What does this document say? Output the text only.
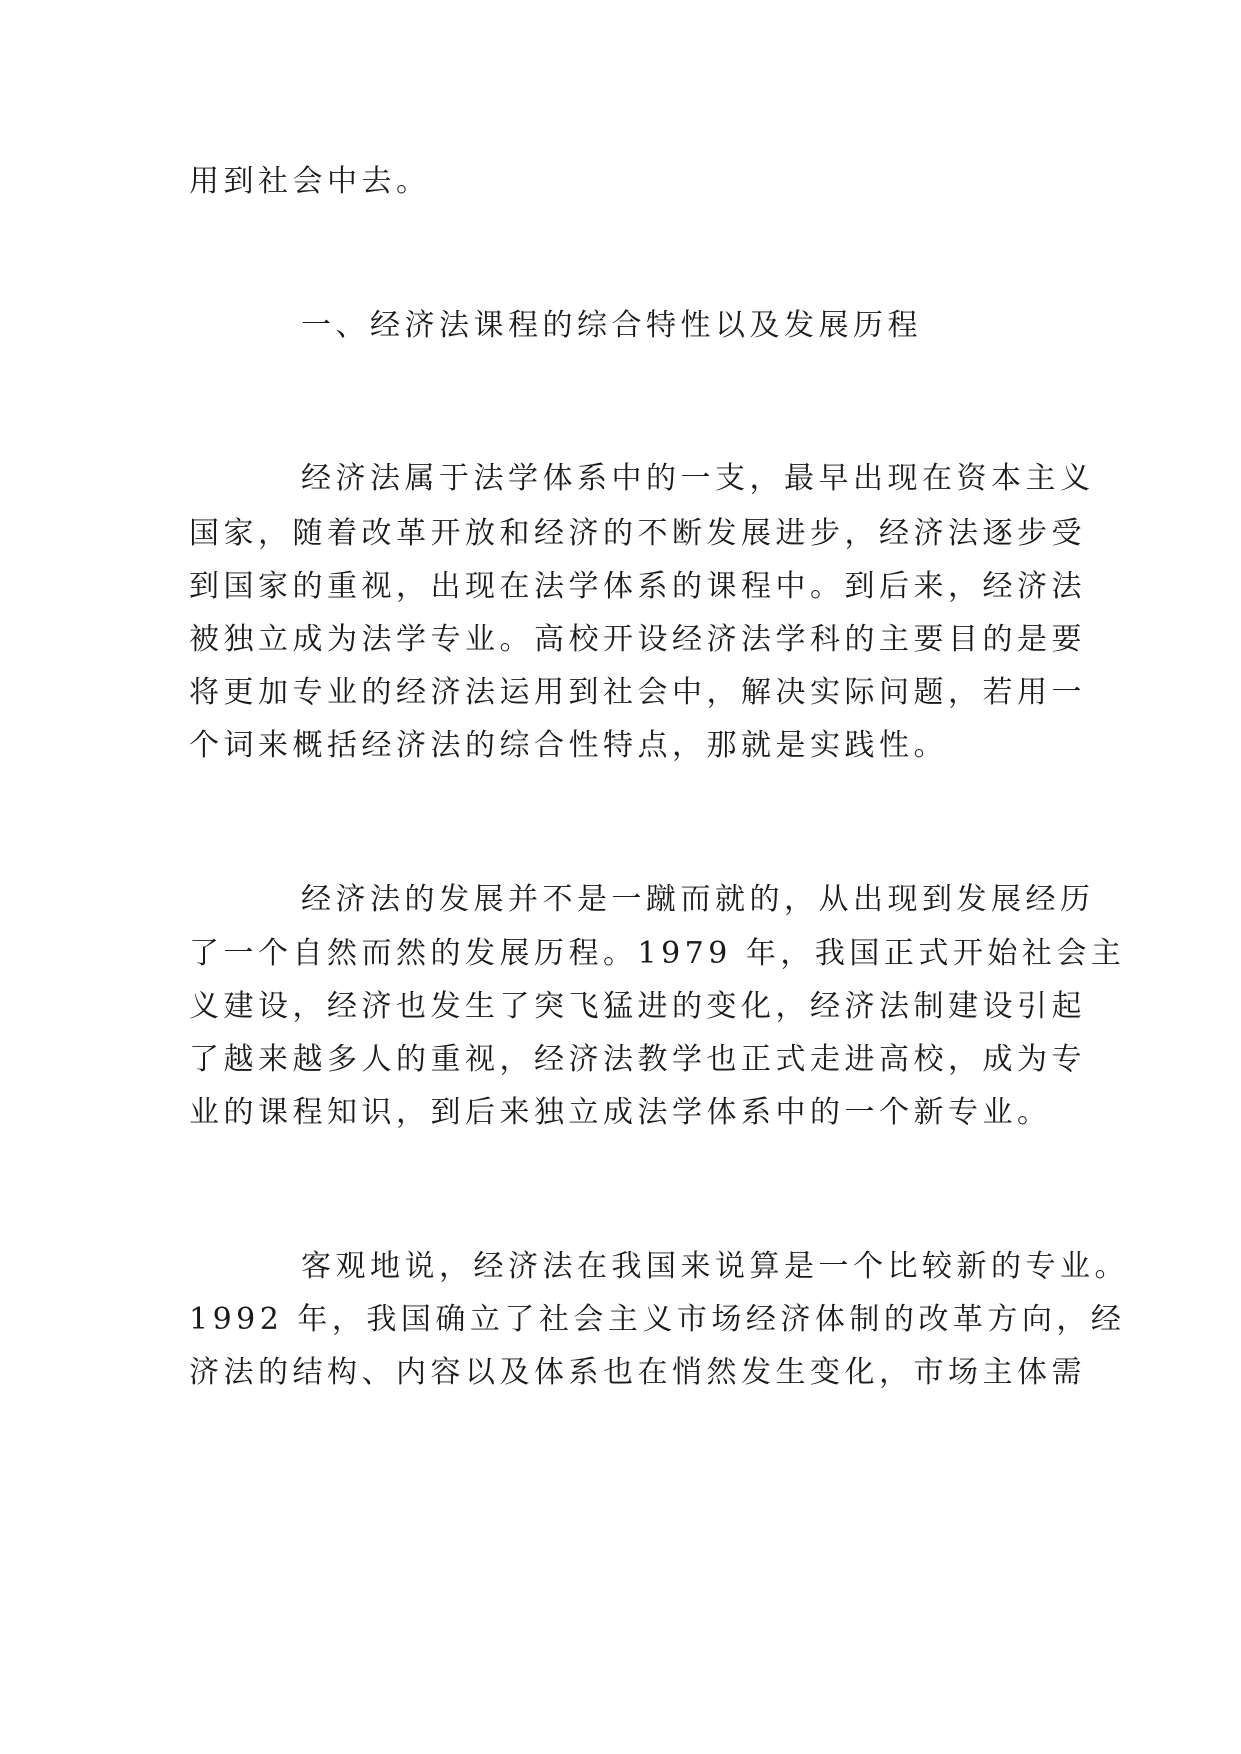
用到社会中去。
一、经济法课程的综合特性以及发展历程
经济法属于法学体系中的一支，最早出现在资本主义
国家，随着改革开放和经济的不断发展进步，经济法逐步受
到国家的重视，出现在法学体系的课程中。到后来，经济法
被独立成为法学专业。高校开设经济法学科的主要目的是要
将更加专业的经济法运用到社会中，解决实际问题，若用一
个词来概括经济法的综合性特点，那就是实践性。
经济法的发展并不是一蹴而就的，从出现到发展经历
了一个自然而然的发展历程。1979 年，我国正式开始社会主
义建设，经济也发生了突飞猛进的变化，经济法制建设引起
了越来越多人的重视，经济法教学也正式走进高校，成为专
业的课程知识，到后来独立成法学体系中的一个新专业。
客观地说，经济法在我国来说算是一个比较新的专业。
1992 年，我国确立了社会主义市场经济体制的改革方向，经
济法的结构、内容以及体系也在悄然发生变化，市场主体需
